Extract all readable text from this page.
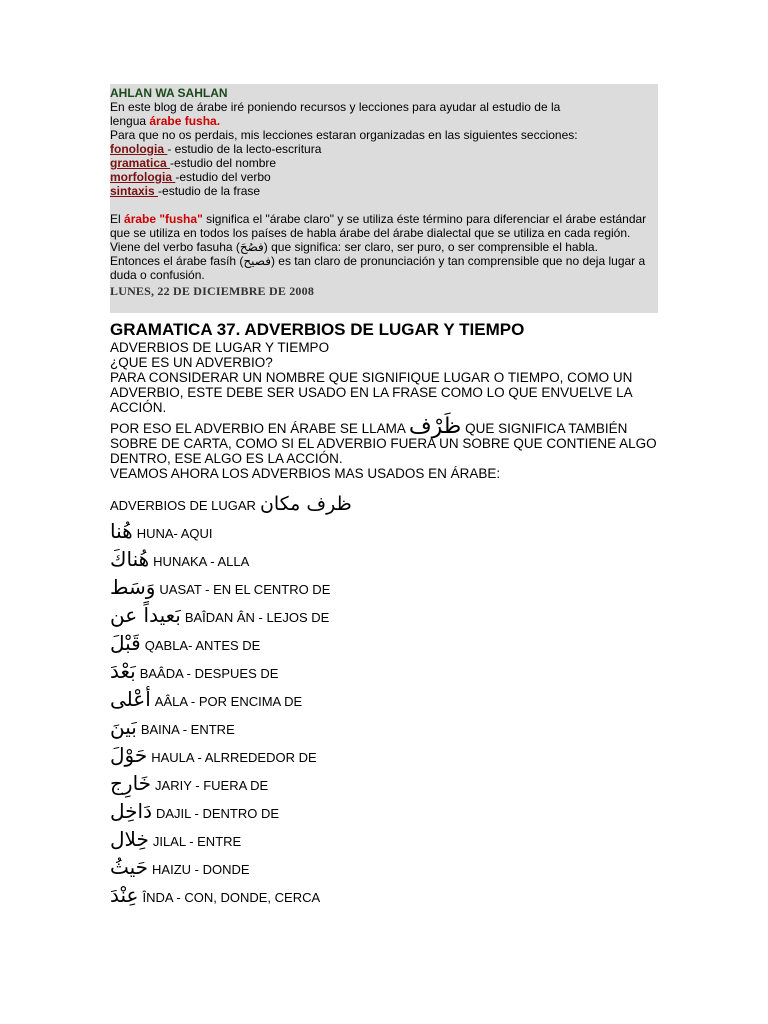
AHLAN WA SAHLAN
En este blog de árabe iré poniendo recursos y lecciones para ayudar al estudio de la
lengua árabe fusha.
Para que no os perdais, mis lecciones estaran organizadas en las siguientes secciones:
fonologia - estudio de la lecto-escritura
gramatica -estudio del nombre
morfologia -estudio del verbo
sintaxis -estudio de la frase
El árabe "fusha" significa el "árabe claro" y se utiliza éste término para diferenciar el árabe estándar que se utiliza en todos los países de habla árabe del árabe dialectal que se utiliza en cada región.
Viene del verbo fasuha (فصُحَ) que significa: ser claro, ser puro, o ser comprensible el habla.
Entonces el árabe fasíh (فصيح) es tan claro de pronunciación y tan comprensible que no deja lugar a duda o confusión.
LUNES, 22 DE DICIEMBRE DE 2008
GRAMATICA 37. ADVERBIOS DE LUGAR Y TIEMPO

ADVERBIOS DE LUGAR Y TIEMPO

¿QUE ES UN ADVERBIO?

PARA CONSIDERAR UN NOMBRE QUE SIGNIFIQUE LUGAR O TIEMPO, COMO UN ADVERBIO, ESTE DEBE SER USADO EN LA FRASE COMO LO QUE ENVUELVE LA ACCIÓN.

POR ESO EL ADVERBIO EN ÁRABE SE LLAMA ظَرْف QUE SIGNIFICA TAMBIÉN SOBRE DE CARTA, COMO SI EL ADVERBIO FUERA UN SOBRE QUE CONTIENE ALGO DENTRO, ESE ALGO ES LA ACCIÓN.

VEAMOS AHORA LOS ADVERBIOS MAS USADOS EN ÁRABE:

ADVERBIOS DE LUGAR ظرف مكان
هُنا HUNA- AQUI
هُناكَ HUNAKA - ALLA
وَسَط UASAT - EN EL CENTRO DE
بَعيداً عن BAÎDAN ÂN - LEJOS DE
قَبْلَ QABLA- ANTES DE
بَعْدَ BAÂDA - DESPUES DE
أعْلى AÂLA - POR ENCIMA DE
بَينَ BAINA - ENTRE
حَوْلَ HAULA - ALRREDEDOR DE
خَارِج JARIY - FUERA DE
دَاخِل DAJIL - DENTRO DE
خِلال JILAL - ENTRE
حَيثُ HAIZU - DONDE
عِنْدَ ÎNDA - CON, DONDE, CERCA
